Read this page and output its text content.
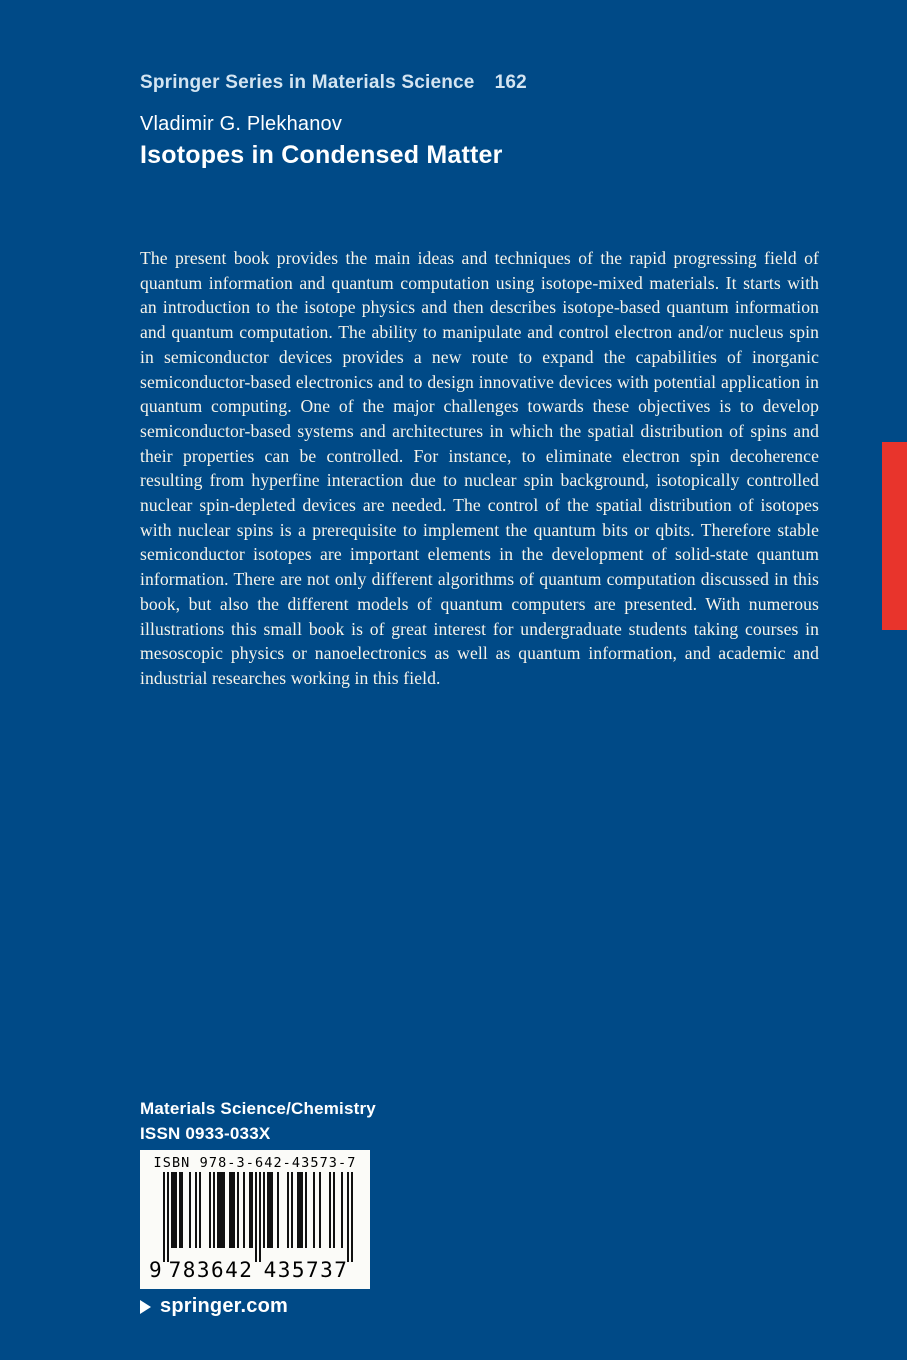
Springer Series in Materials Science 162
Vladimir G. Plekhanov
Isotopes in Condensed Matter
The present book provides the main ideas and techniques of the rapid progressing field of quantum information and quantum computation using isotope-mixed materials. It starts with an introduction to the isotope physics and then describes isotope-based quantum information and quantum computation. The ability to manipulate and control electron and/or nucleus spin in semiconductor devices provides a new route to expand the capabilities of inorganic semiconductor-based electronics and to design innovative devices with potential application in quantum computing. One of the major challenges towards these objectives is to develop semiconductor-based systems and architectures in which the spatial distribution of spins and their properties can be controlled. For instance, to eliminate electron spin decoherence resulting from hyperfine interaction due to nuclear spin background, isotopically controlled nuclear spin-depleted devices are needed. The control of the spatial distribution of isotopes with nuclear spins is a prerequisite to implement the quantum bits or qbits. Therefore stable semiconductor isotopes are important elements in the development of solid-state quantum information. There are not only different algorithms of quantum computation discussed in this book, but also the different models of quantum computers are presented. With numerous illustrations this small book is of great interest for undergraduate students taking courses in mesoscopic physics or nanoelectronics as well as quantum information, and academic and industrial researches working in this field.
Materials Science/Chemistry
ISSN 0933-033X
ISBN 978-3-642-43573-7
9 783642 435737
springer.com
